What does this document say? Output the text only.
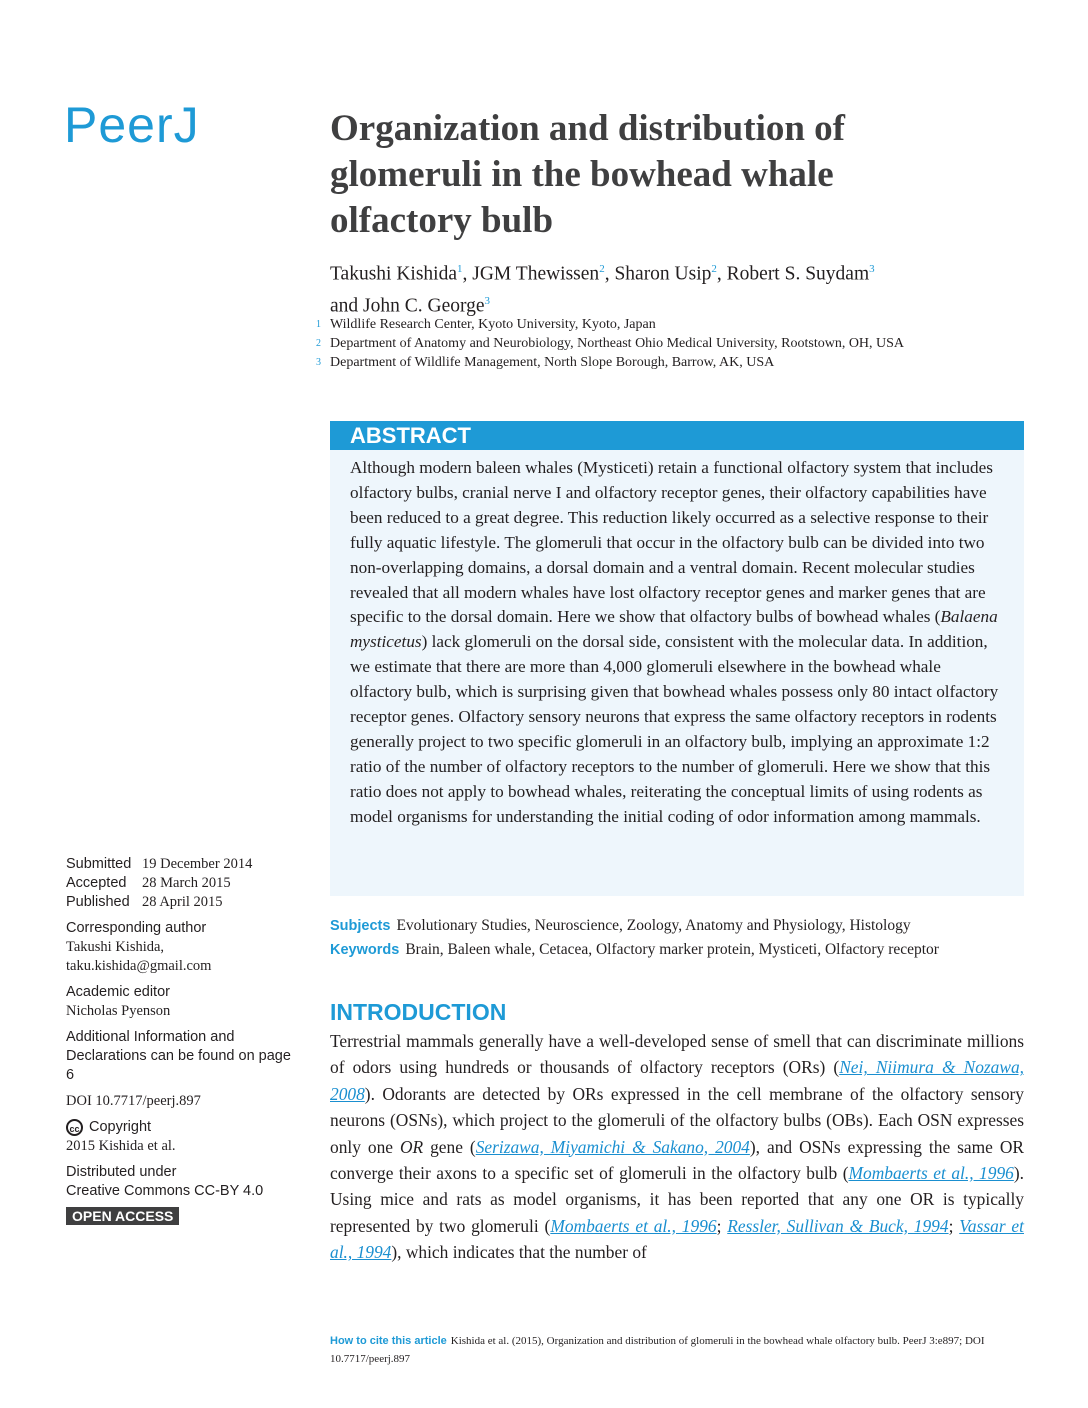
PeerJ	Organization and distribution of glomeruli in the bowhead whale olfactory bulb
Takushi Kishida$^1$, JGM Thewissen$^2$, Sharon Usip$^2$, Robert S. Suydam$^3$
and John C. George$^3$
1 Wildlife Research Center, Kyoto University, Kyoto, Japan
2 Department of Anatomy and Neurobiology, Northeast Ohio Medical University, Rootstown, OH, USA
3 Department of Wildlife Management, North Slope Borough, Barrow, AK, USA
ABSTRACT
Although modern baleen whales (Mysticeti) retain a functional olfactory system that includes olfactory bulbs, cranial nerve I and olfactory receptor genes, their olfactory capabilities have been reduced to a great degree. This reduction likely occurred as a selective response to their fully aquatic lifestyle. The glomeruli that occur in the olfactory bulb can be divided into two non-overlapping domains, a dorsal domain and a ventral domain. Recent molecular studies revealed that all modern whales have lost olfactory receptor genes and marker genes that are specific to the dorsal domain. Here we show that olfactory bulbs of bowhead whales (Balaena mysticetus) lack glomeruli on the dorsal side, consistent with the molecular data. In addition, we estimate that there are more than 4,000 glomeruli elsewhere in the bowhead whale olfactory bulb, which is surprising given that bowhead whales possess only 80 intact olfactory receptor genes. Olfactory sensory neurons that express the same olfactory receptors in rodents generally project to two specific glomeruli in an olfactory bulb, implying an approximate 1:2 ratio of the number of olfactory receptors to the number of glomeruli. Here we show that this ratio does not apply to bowhead whales, reiterating the conceptual limits of using rodents as model organisms for understanding the initial coding of odor information among mammals.
Subjects Evolutionary Studies, Neuroscience, Zoology, Anatomy and Physiology, Histology
Keywords Brain, Baleen whale, Cetacea, Olfactory marker protein, Mysticeti, Olfactory receptor
INTRODUCTION
Terrestrial mammals generally have a well-developed sense of smell that can discriminate millions of odors using hundreds or thousands of olfactory receptors (ORs) (Nei, Niimura & Nozawa, 2008). Odorants are detected by ORs expressed in the cell membrane of the olfactory sensory neurons (OSNs), which project to the glomeruli of the olfactory bulbs (OBs). Each OSN expresses only one OR gene (Serizawa, Miyamichi & Sakano, 2004), and OSNs expressing the same OR converge their axons to a specific set of glomeruli in the olfactory bulb (Mombaerts et al., 1996). Using mice and rats as model organisms, it has been reported that any one OR is typically represented by two glomeruli (Mombaerts et al., 1996; Ressler, Sullivan & Buck, 1994; Vassar et al., 1994), which indicates that the number of
Submitted	19 December 2014
Accepted	28 March 2015
Published	28 April 2015
Corresponding author
Takushi Kishida,
taku.kishida@gmail.com
Academic editor
Nicholas Pyenson
Additional Information and Declarations can be found on page 6
DOI 10.7717/peerj.897
cc Copyright
2015 Kishida et al.
Distributed under
Creative Commons CC-BY 4.0
OPEN ACCESS
How to cite this article Kishida et al. (2015), Organization and distribution of glomeruli in the bowhead whale olfactory bulb. PeerJ 3:e897; DOI 10.7717/peerj.897
